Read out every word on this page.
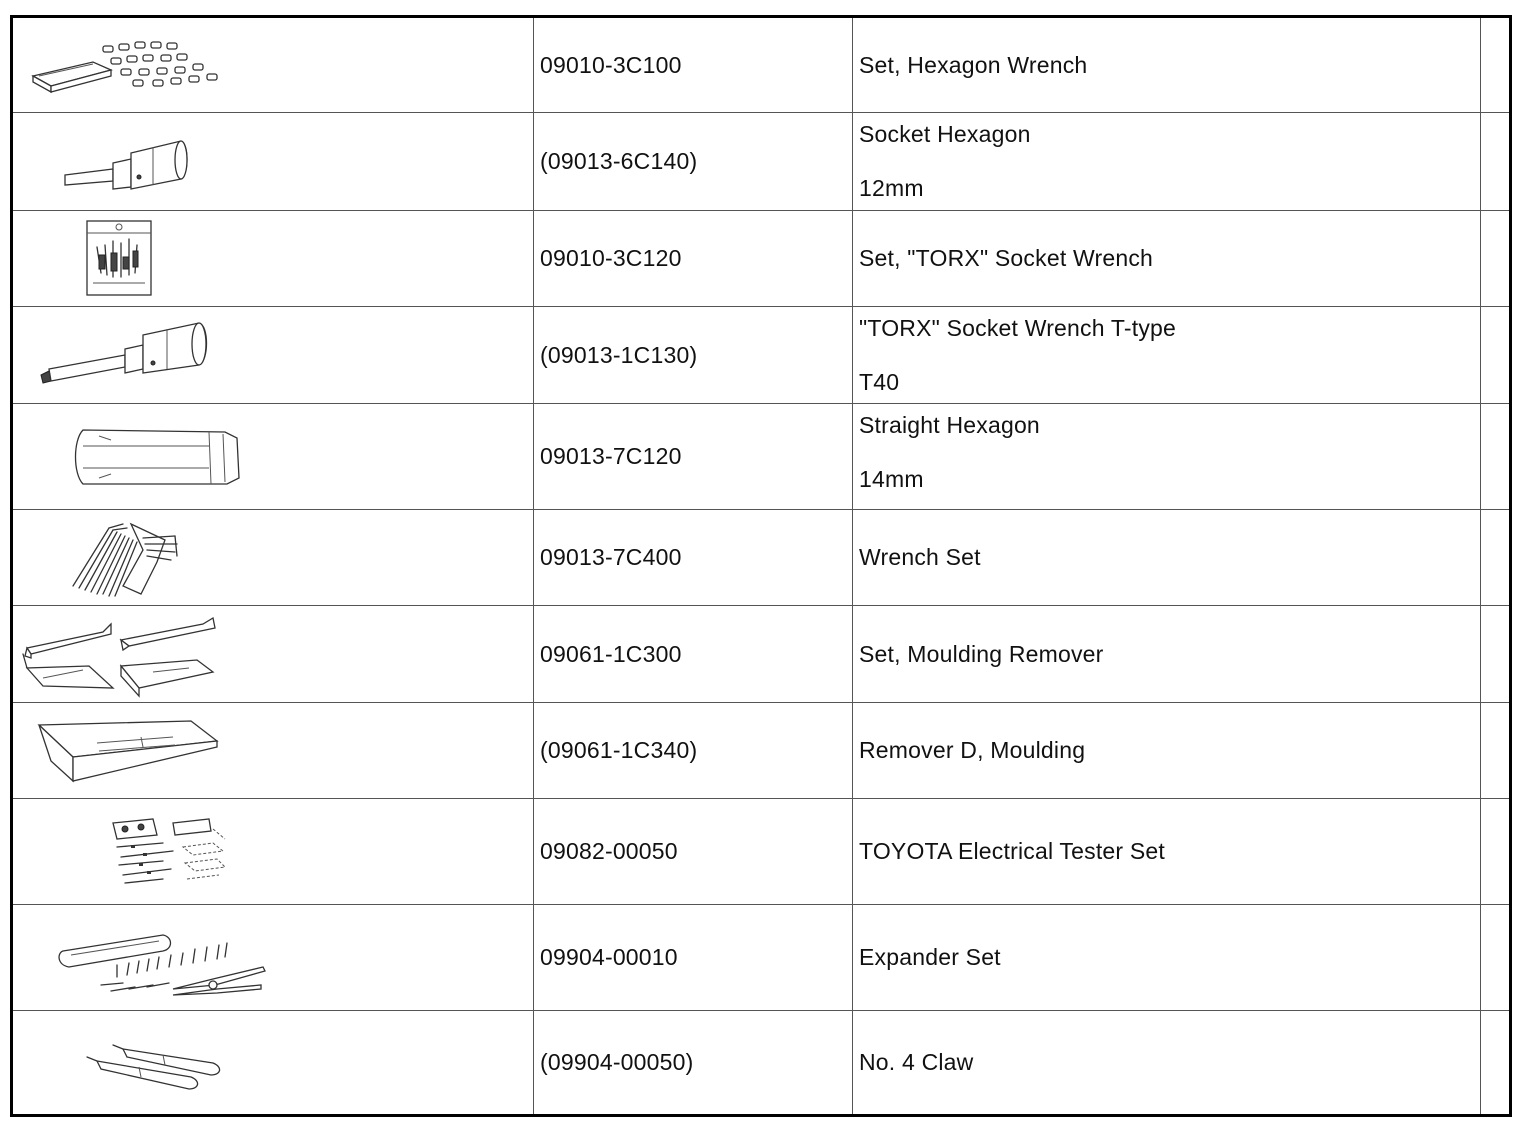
	09010-3C100	Set, Hexagon Wrench	

	(09013-6C140)	Socket Hexagon
12mm	

	09010-3C120	Set, "TORX" Socket Wrench	

	(09013-1C130)	"TORX" Socket Wrench T-type
T40	

	09013-7C120	Straight Hexagon
14mm	

	09013-7C400	Wrench Set	

	09061-1C300	Set, Moulding Remover	

	(09061-1C340)	Remover D, Moulding	

	09082-00050	TOYOTA Electrical Tester Set	

	09904-00010	Expander Set	

	(09904-00050)	No. 4 Claw	
